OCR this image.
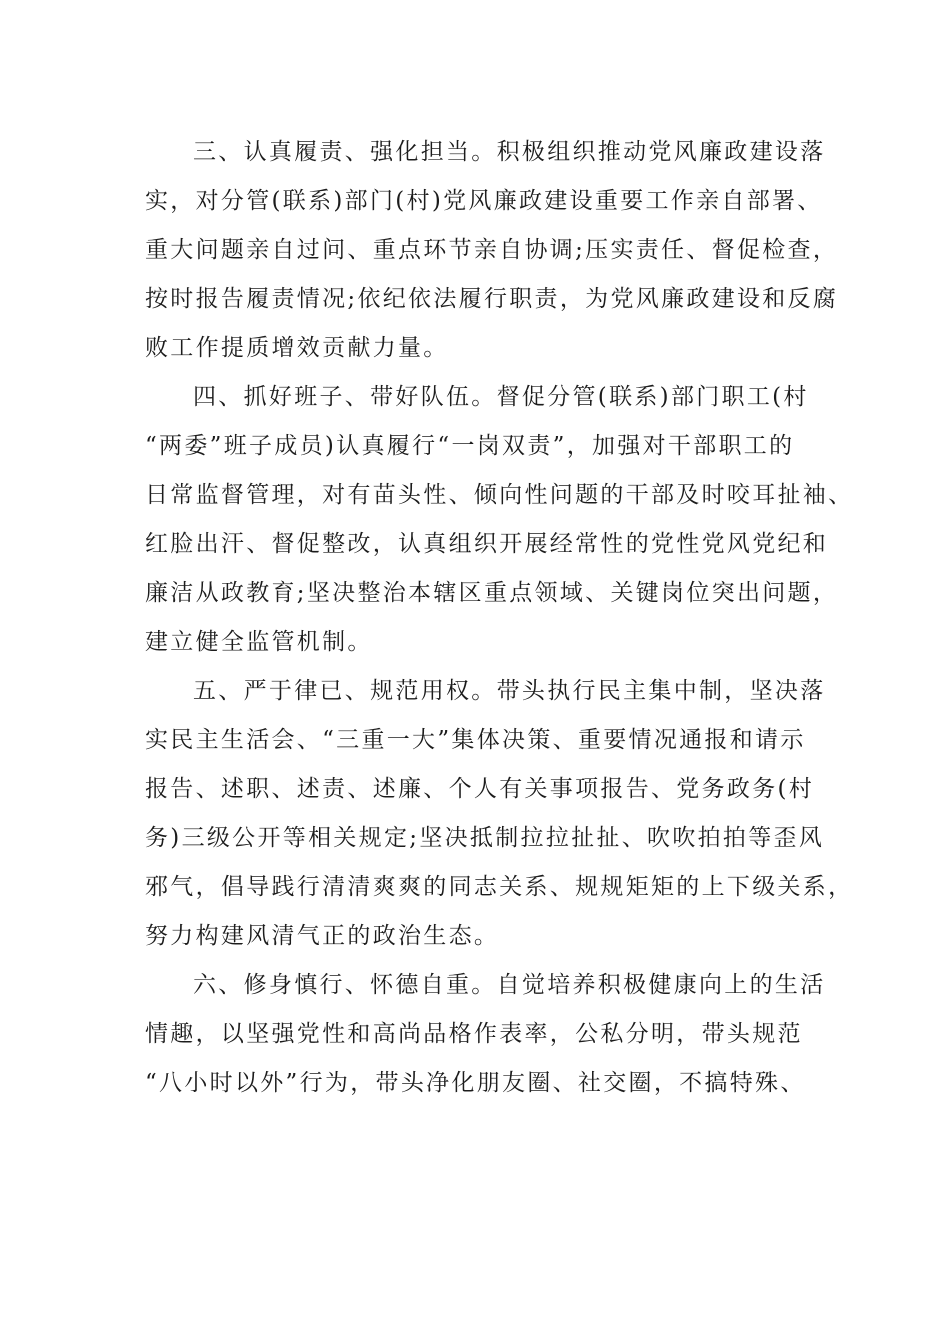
三、认真履责、强化担当。积极组织推动党风廉政建设落
实，对分管(联系)部门(村)党风廉政建设重要工作亲自部署、
重大问题亲自过问、重点环节亲自协调;压实责任、督促检查，
按时报告履责情况;依纪依法履行职责，为党风廉政建设和反腐
败工作提质增效贡献力量。
四、抓好班子、带好队伍。督促分管(联系)部门职工(村
“两委”班子成员)认真履行“一岗双责”，加强对干部职工的
日常监督管理，对有苗头性、倾向性问题的干部及时咬耳扯袖、
红脸出汗、督促整改，认真组织开展经常性的党性党风党纪和
廉洁从政教育;坚决整治本辖区重点领域、关键岗位突出问题，
建立健全监管机制。
五、严于律已、规范用权。带头执行民主集中制，坚决落
实民主生活会、“三重一大”集体决策、重要情况通报和请示
报告、述职、述责、述廉、个人有关事项报告、党务政务(村
务)三级公开等相关规定;坚决抵制拉拉扯扯、吹吹拍拍等歪风
邪气，倡导践行清清爽爽的同志关系、规规矩矩的上下级关系，
努力构建风清气正的政治生态。
六、修身慎行、怀德自重。自觉培养积极健康向上的生活
情趣，以坚强党性和高尚品格作表率，公私分明，带头规范
“八小时以外”行为，带头净化朋友圈、社交圈，不搞特殊、
